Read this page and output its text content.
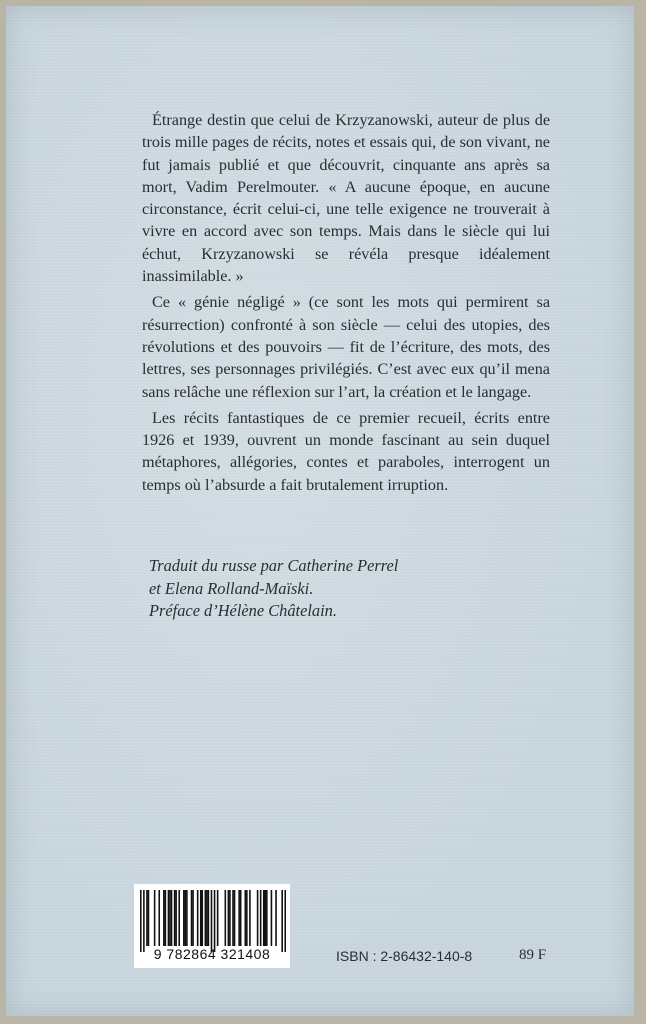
Étrange destin que celui de Krzyzanowski, auteur de plus de trois mille pages de récits, notes et essais qui, de son vivant, ne fut jamais publié et que découvrit, cinquante ans après sa mort, Vadim Perelmouter. « A aucune époque, en aucune circonstance, écrit celui-ci, une telle exigence ne trouverait à vivre en accord avec son temps. Mais dans le siècle qui lui échut, Krzyzanowski se révéla presque idéalement inassimilable. »

Ce « génie négligé » (ce sont les mots qui permirent sa résurrection) confronté à son siècle — celui des utopies, des révolutions et des pouvoirs — fit de l’écriture, des mots, des lettres, ses personnages privilégiés. C’est avec eux qu’il mena sans relâche une réflexion sur l’art, la création et le langage.

Les récits fantastiques de ce premier recueil, écrits entre 1926 et 1939, ouvrent un monde fascinant au sein duquel métaphores, allégories, contes et paraboles, interrogent un temps où l’absurde a fait brutalement irruption.

Traduit du russe par Catherine Perrel
et Elena Rolland-Maïski.
Préface d’Hélène Châtelain.
9 782864 321408	ISBN : 2-86432-140-8	89 F
